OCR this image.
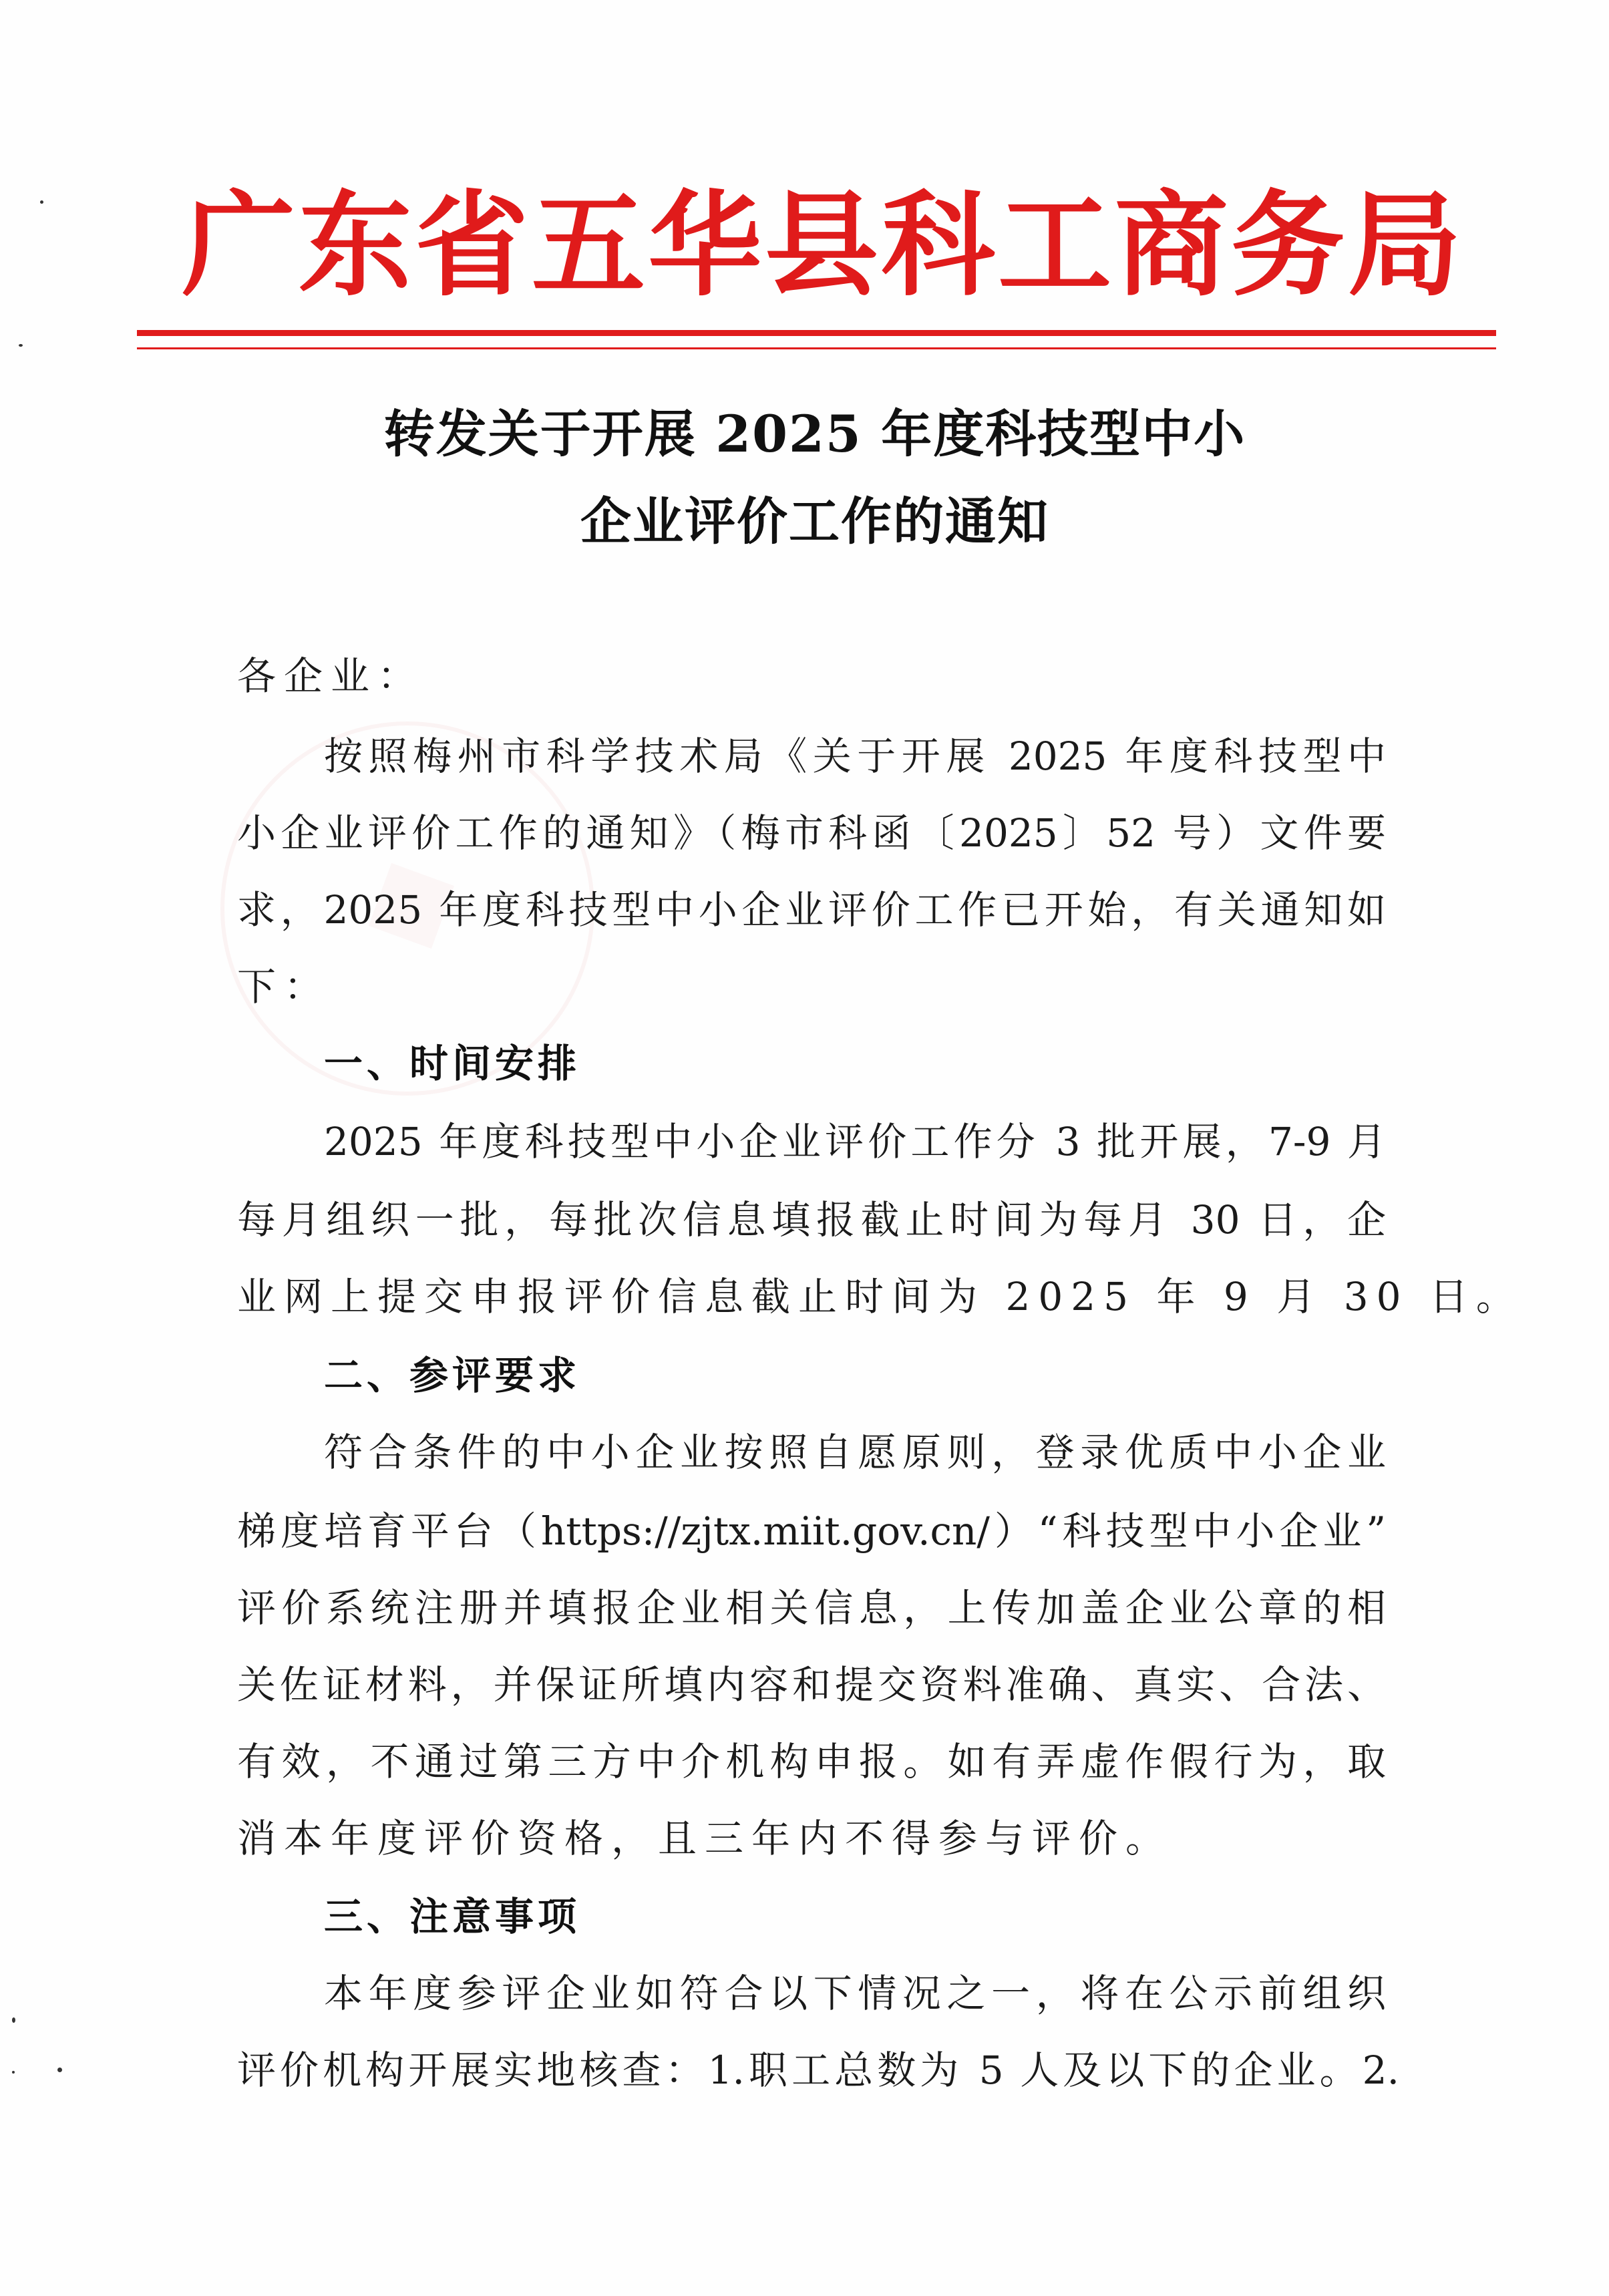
广 东 省 五 华 县 科 工 商 务 局
转发关于开展 2025 年度科技型中小
企业评价工作的通知
各企业：
按照梅州市科学技术局《关于开展 2025 年度科技型中
小企业评价工作的通知》（梅市科函〔2025〕52 号）文件要
求，2025 年度科技型中小企业评价工作已开始，有关通知如
下：
一、时间安排
2025 年度科技型中小企业评价工作分 3 批开展，7-9 月
每月组织一批，每批次信息填报截止时间为每月 30 日，企
业网上提交申报评价信息截止时间为 2025 年 9 月 30 日。
二、参评要求
符合条件的中小企业按照自愿原则，登录优质中小企业
梯度培育平台（https://zjtx.miit.gov.cn/）“科技型中小企业”
评价系统注册并填报企业相关信息，上传加盖企业公章的相
关佐证材料，并保证所填内容和提交资料准确、真实、合法、
有效，不通过第三方中介机构申报。如有弄虚作假行为，取
消本年度评价资格，且三年内不得参与评价。
三、注意事项
本年度参评企业如符合以下情况之一，将在公示前组织
评价机构开展实地核查：1.职工总数为 5 人及以下的企业。2.
